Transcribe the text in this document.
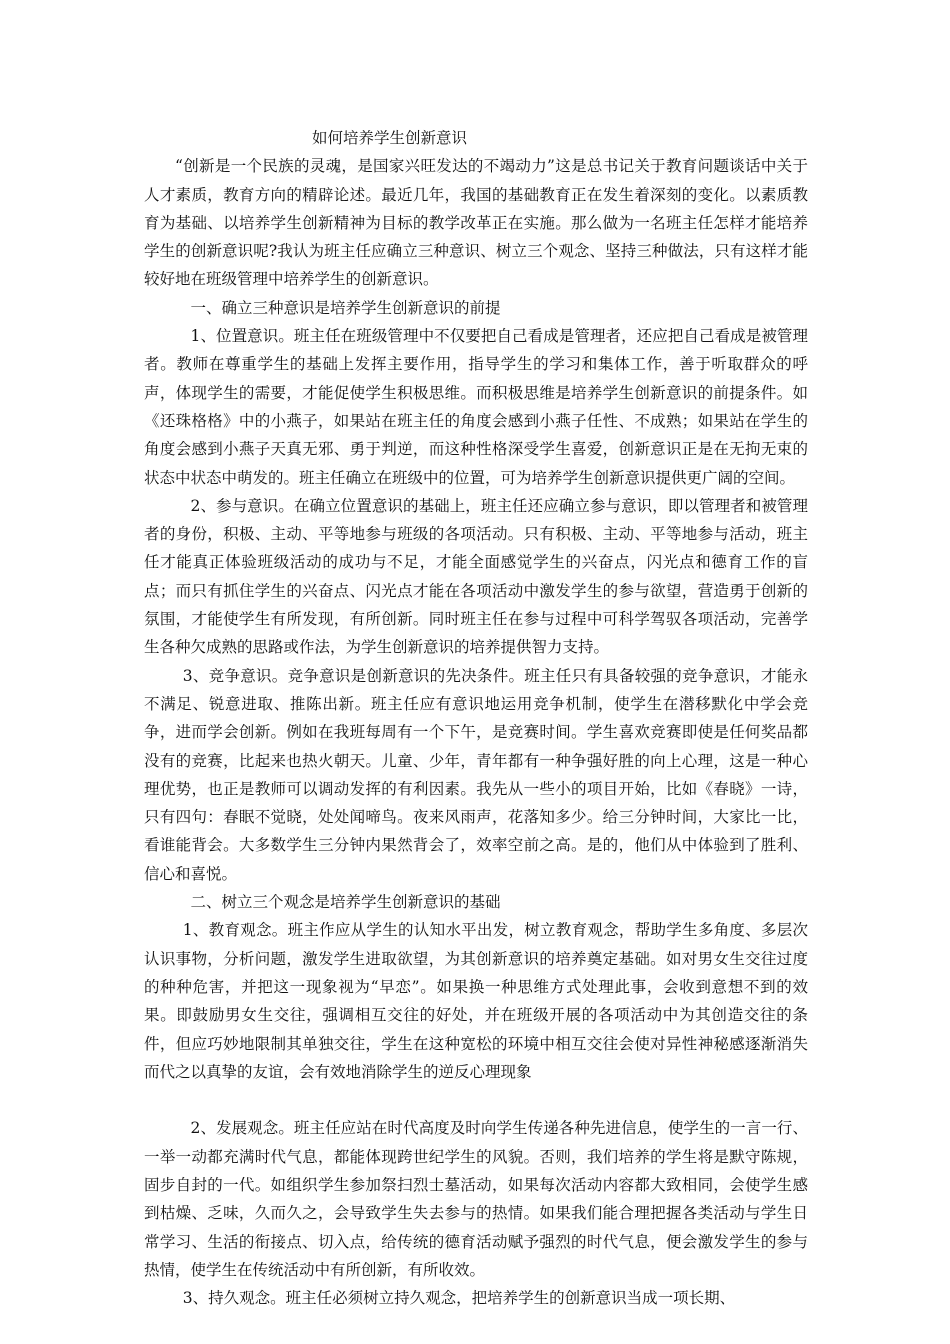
如何培养学生创新意识

“创新是一个民族的灵魂，是国家兴旺发达的不竭动力”这是总书记关于教育问题谈话中关于人才素质，教育方向的精辟论述。最近几年，我国的基础教育正在发生着深刻的变化。以素质教育为基础、以培养学生创新精神为目标的教学改革正在实施。那么做为一名班主任怎样才能培养学生的创新意识呢?我认为班主任应确立三种意识、树立三个观念、坚持三种做法，只有这样才能较好地在班级管理中培养学生的创新意识。

一、确立三种意识是培养学生创新意识的前提

1、位置意识。班主任在班级管理中不仅要把自己看成是管理者，还应把自己看成是被管理者。教师在尊重学生的基础上发挥主要作用，指导学生的学习和集体工作，善于听取群众的呼声，体现学生的需要，才能促使学生积极思维。而积极思维是培养学生创新意识的前提条件。如《还珠格格》中的小燕子，如果站在班主任的角度会感到小燕子任性、不成熟；如果站在学生的角度会感到小燕子天真无邪、勇于判逆，而这种性格深受学生喜爱，创新意识正是在无拘无束的状态中状态中萌发的。班主任确立在班级中的位置，可为培养学生创新意识提供更广阔的空间。

2、参与意识。在确立位置意识的基础上，班主任还应确立参与意识，即以管理者和被管理者的身份，积极、主动、平等地参与班级的各项活动。只有积极、主动、平等地参与活动，班主任才能真正体验班级活动的成功与不足，才能全面感觉学生的兴奋点，闪光点和德育工作的盲点；而只有抓住学生的兴奋点、闪光点才能在各项活动中激发学生的参与欲望，营造勇于创新的氛围，才能使学生有所发现，有所创新。同时班主任在参与过程中可科学驾驭各项活动，完善学生各种欠成熟的思路或作法，为学生创新意识的培养提供智力支持。

3、竞争意识。竞争意识是创新意识的先决条件。班主任只有具备较强的竞争意识，才能永不满足、锐意进取、推陈出新。班主任应有意识地运用竞争机制，使学生在潜移默化中学会竞争，进而学会创新。例如在我班每周有一个下午，是竞赛时间。学生喜欢竞赛即使是任何奖品都没有的竞赛，比起来也热火朝天。儿童、少年，青年都有一种争强好胜的向上心理，这是一种心理优势，也正是教师可以调动发挥的有利因素。我先从一些小的项目开始，比如《春晓》一诗，只有四句：春眠不觉晓，处处闻啼鸟。夜来风雨声，花落知多少。给三分钟时间，大家比一比，看谁能背会。大多数学生三分钟内果然背会了，效率空前之高。是的，他们从中体验到了胜利、信心和喜悦。

二、树立三个观念是培养学生创新意识的基础

1、教育观念。班主作应从学生的认知水平出发，树立教育观念，帮助学生多角度、多层次认识事物，分析问题，激发学生进取欲望，为其创新意识的培养奠定基础。如对男女生交往过度的种种危害，并把这一现象视为“早恋”。如果换一种思维方式处理此事，会收到意想不到的效果。即鼓励男女生交往，强调相互交往的好处，并在班级开展的各项活动中为其创造交往的条件，但应巧妙地限制其单独交往，学生在这种宽松的环境中相互交往会使对异性神秘感逐渐消失而代之以真挚的友谊，会有效地消除学生的逆反心理现象

2、发展观念。班主任应站在时代高度及时向学生传递各种先进信息，使学生的一言一行、一举一动都充满时代气息，都能体现跨世纪学生的风貌。否则，我们培养的学生将是默守陈规，固步自封的一代。如组织学生参加祭扫烈士墓活动，如果每次活动内容都大致相同，会使学生感到枯燥、乏味，久而久之，会导致学生失去参与的热情。如果我们能合理把握各类活动与学生日常学习、生活的衔接点、切入点，给传统的德育活动赋予强烈的时代气息，便会激发学生的参与热情，使学生在传统活动中有所创新，有所收效。

3、持久观念。班主任必须树立持久观念，把培养学生的创新意识当成一项长期、
